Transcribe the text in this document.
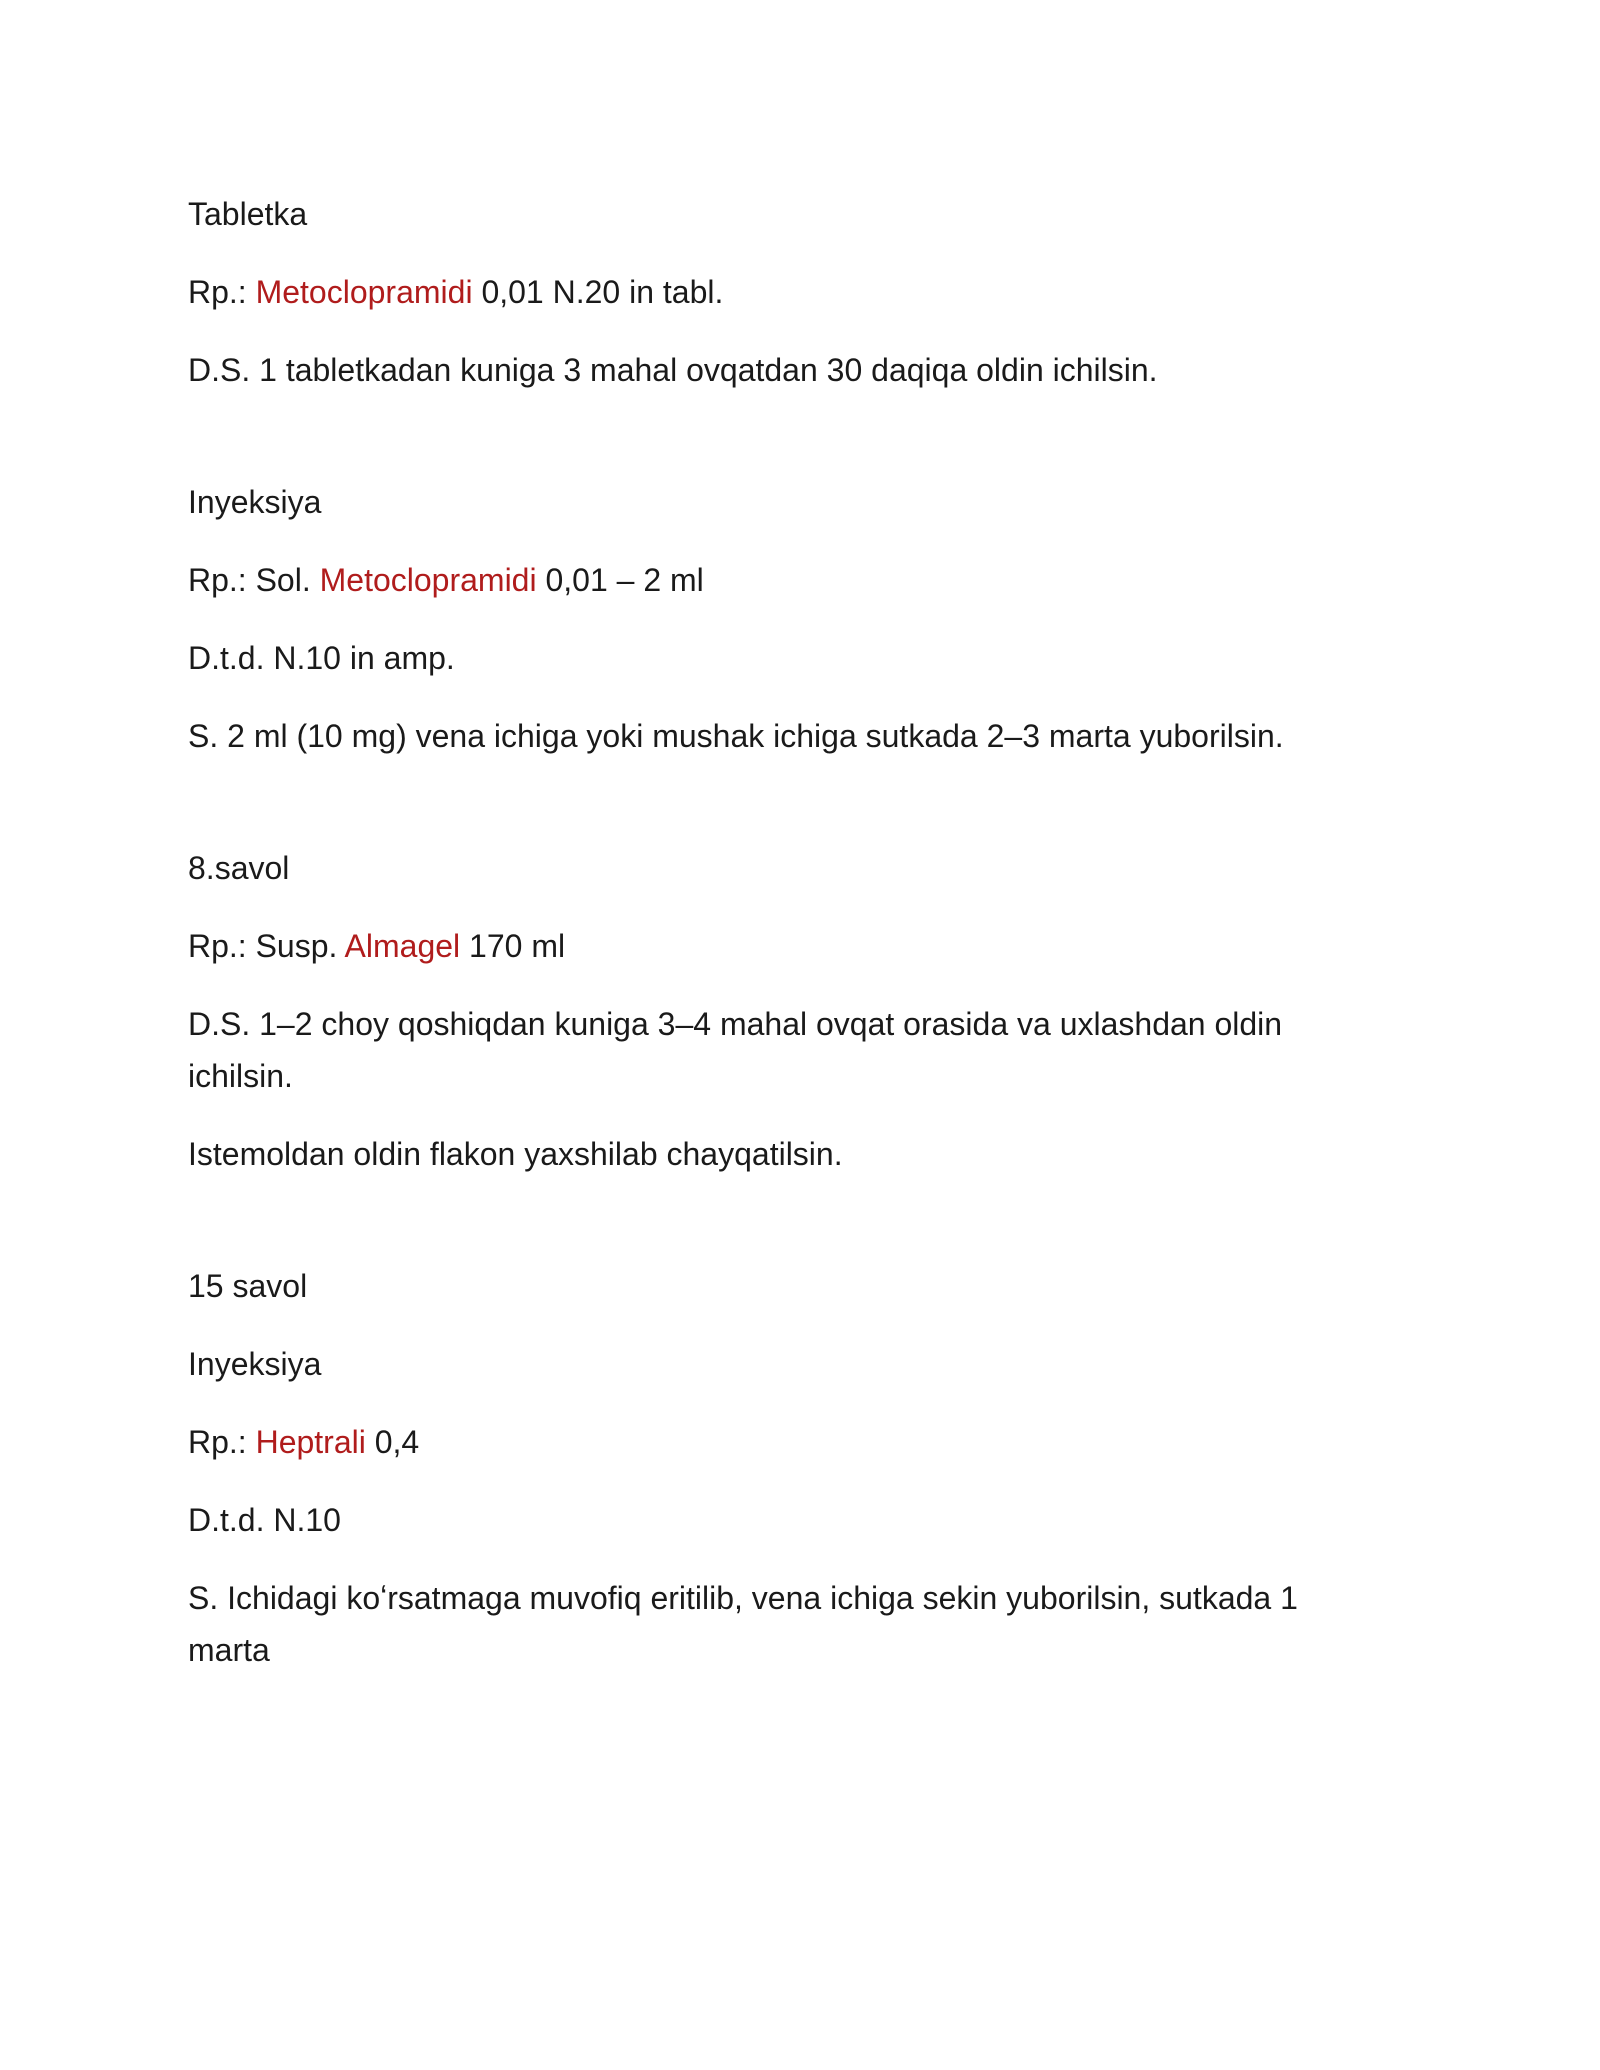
Tabletka

Rp.: Metoclopramidi 0,01 N.20 in tabl.

D.S. 1 tabletkadan kuniga 3 mahal ovqatdan 30 daqiqa oldin ichilsin.

Inyeksiya

Rp.: Sol. Metoclopramidi 0,01 – 2 ml

D.t.d. N.10 in amp.

S. 2 ml (10 mg) vena ichiga yoki mushak ichiga sutkada 2–3 marta yuborilsin.

8.savol

Rp.: Susp. Almagel 170 ml

D.S. 1–2 choy qoshiqdan kuniga 3–4 mahal ovqat orasida va uxlashdan oldin ichilsin.

Istemoldan oldin flakon yaxshilab chayqatilsin.

15 savol

Inyeksiya

Rp.: Heptrali 0,4

D.t.d. N.10

S. Ichidagi koʻrsatmaga muvofiq eritilib, vena ichiga sekin yuborilsin, sutkada 1 marta
